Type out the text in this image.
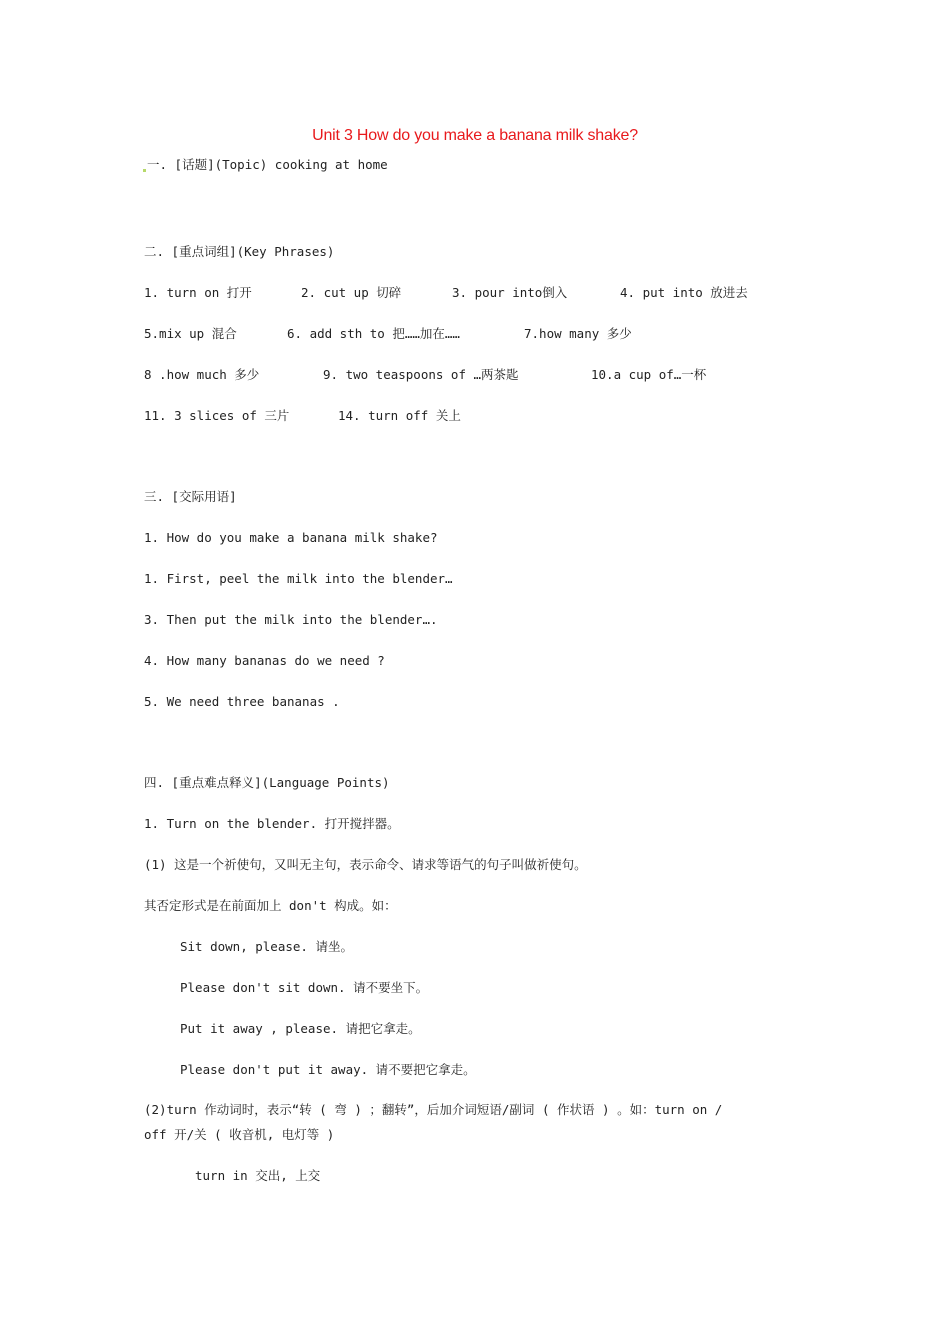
Unit 3 How do you make a banana milk shake?
一. [话题](Topic) cooking at home
二. [重点词组](Key Phrases)
1. turn on 打开	2. cut up 切碎	3. pour into倒入	4. put into 放进去
5.mix up 混合	6. add sth to 把……加在……	7.how many 多少
8 .how much 多少	9. two teaspoons of …两茶匙	10.a cup of…一杯
11. 3 slices of 三片	14. turn off 关上
三. [交际用语]
1. How do you make a banana milk shake?
1. First, peel the milk into the blender…
3. Then put the milk into the blender….
4. How many bananas do we need ?
5. We need three bananas .
四. [重点难点释义](Language Points)
1. Turn on the blender. 打开搅拌器。
(1) 这是一个祈使句，又叫无主句，表示命令、请求等语气的句子叫做祈使句。
其否定形式是在前面加上 don't 构成。如：
Sit down, please. 请坐。
Please don't sit down. 请不要坐下。
Put it away , please. 请把它拿走。
Please don't put it away. 请不要把它拿走。
(2)turn 作动词时，表示“转 ( 弯 ) ；翻转”，后加介词短语/副词 ( 作状语 ) 。如：turn on /
off 开/关 ( 收音机, 电灯等 )
turn in 交出, 上交
